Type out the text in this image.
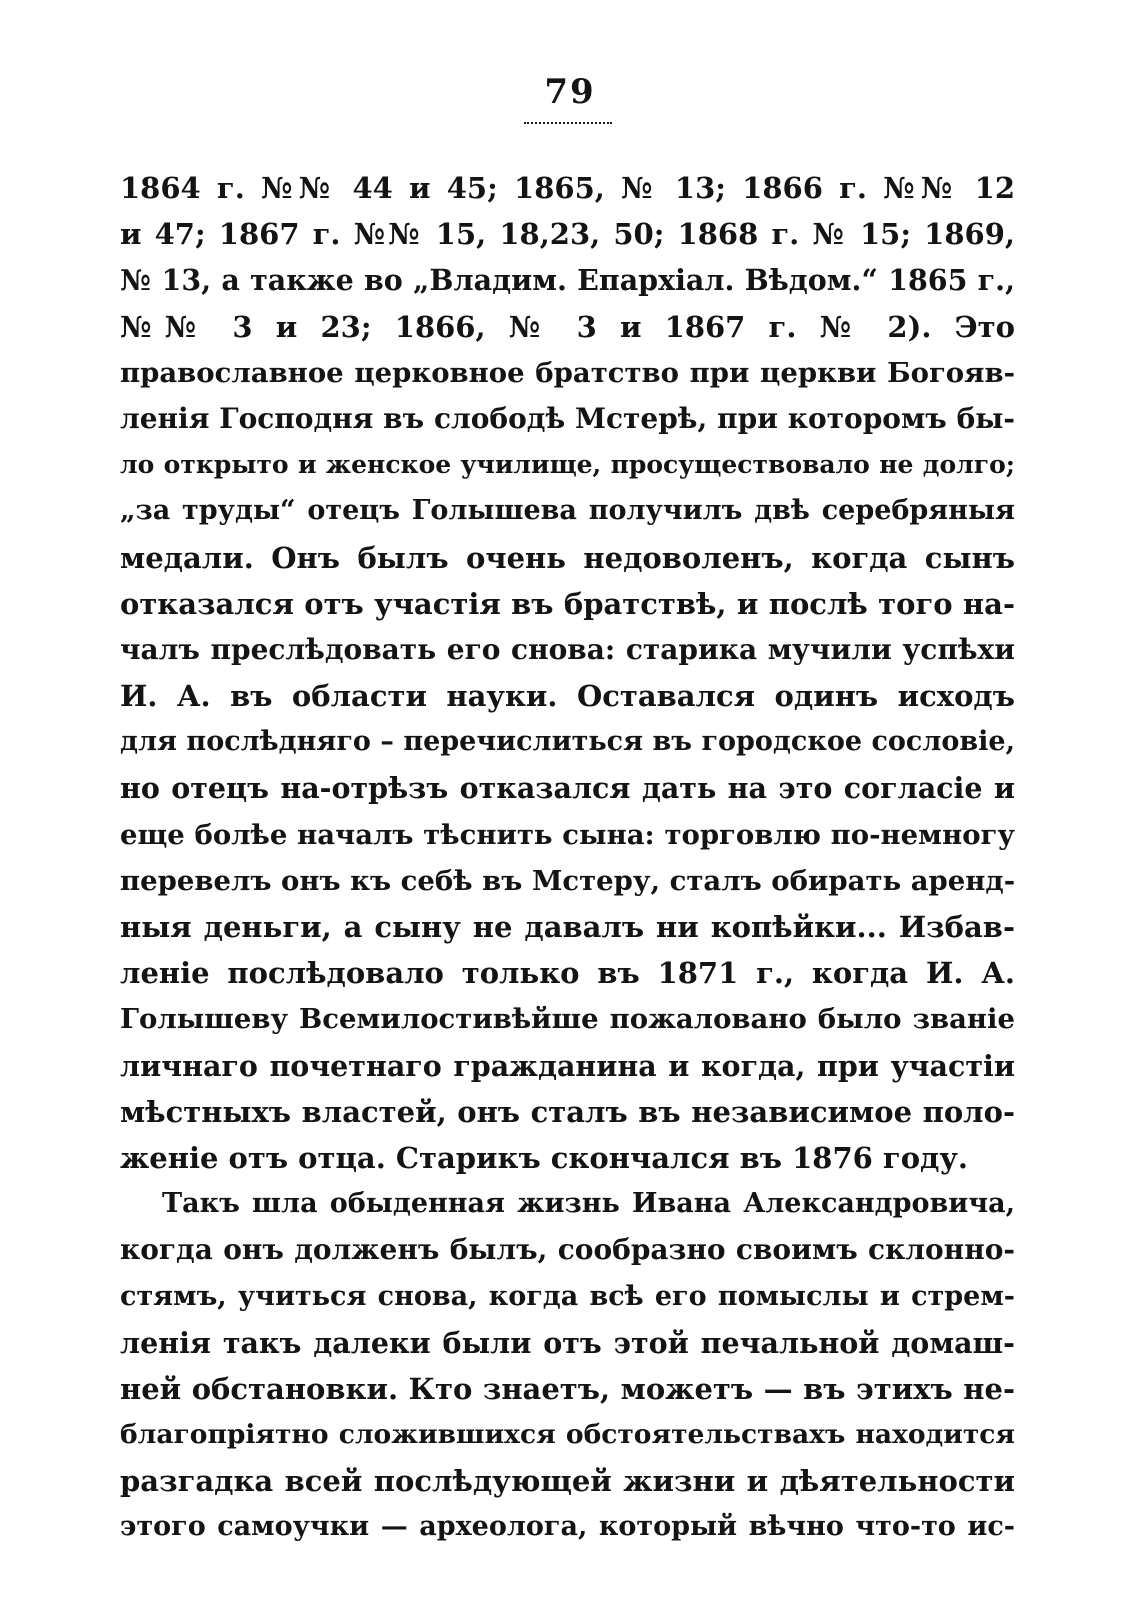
79
1864 г. №№ 44 и 45; 1865, № 13; 1866 г. №№ 12
и 47; 1867 г. №№ 15, 18,23, 50; 1868 г. № 15; 1869,
№ 13, а также во „Владим. Епархіал. Вѣдом.“ 1865 г.,
№№ 3 и 23; 1866, № 3 и 1867 г. № 2). Это
православное церковное братство при церкви Богояв-
ленія Господня въ слободѣ Мстерѣ, при которомъ бы-
ло открыто и женское училище, просуществовало не долго;
„за труды“ отецъ Голышева получилъ двѣ серебряныя
медали. Онъ былъ очень недоволенъ, когда сынъ
отказался отъ участія въ братствѣ, и послѣ того на-
чалъ преслѣдовать его снова: старика мучили успѣхи
И. А. въ области науки. Оставался одинъ исходъ
для послѣдняго – перечислиться въ городское сословіе,
но отецъ на-отрѣзъ отказался дать на это согласіе и
еще болѣе началъ тѣснить сына: торговлю по-немногу
перевелъ онъ къ себѣ въ Мстеру, сталъ обирать аренд-
ныя деньги, а сыну не давалъ ни копѣйки... Избав-
леніе послѣдовало только въ 1871 г., когда И. А.
Голышеву Всемилостивѣйше пожаловано было званіе
личнаго почетнаго гражданина и когда, при участіи
мѣстныхъ властей, онъ сталъ въ независимое поло-
женіе отъ отца. Старикъ скончался въ 1876 году.
Такъ шла обыденная жизнь Ивана Александровича,
когда онъ долженъ былъ, сообразно своимъ склонно-
стямъ, учиться снова, когда всѣ его помыслы и стрем-
ленія такъ далеки были отъ этой печальной домаш-
ней обстановки. Кто знаетъ, можетъ — въ этихъ не-
благопріятно сложившихся обстоятельствахъ находится
разгадка всей послѣдующей жизни и дѣятельности
этого самоучки — археолога, который вѣчно что-то ис-
